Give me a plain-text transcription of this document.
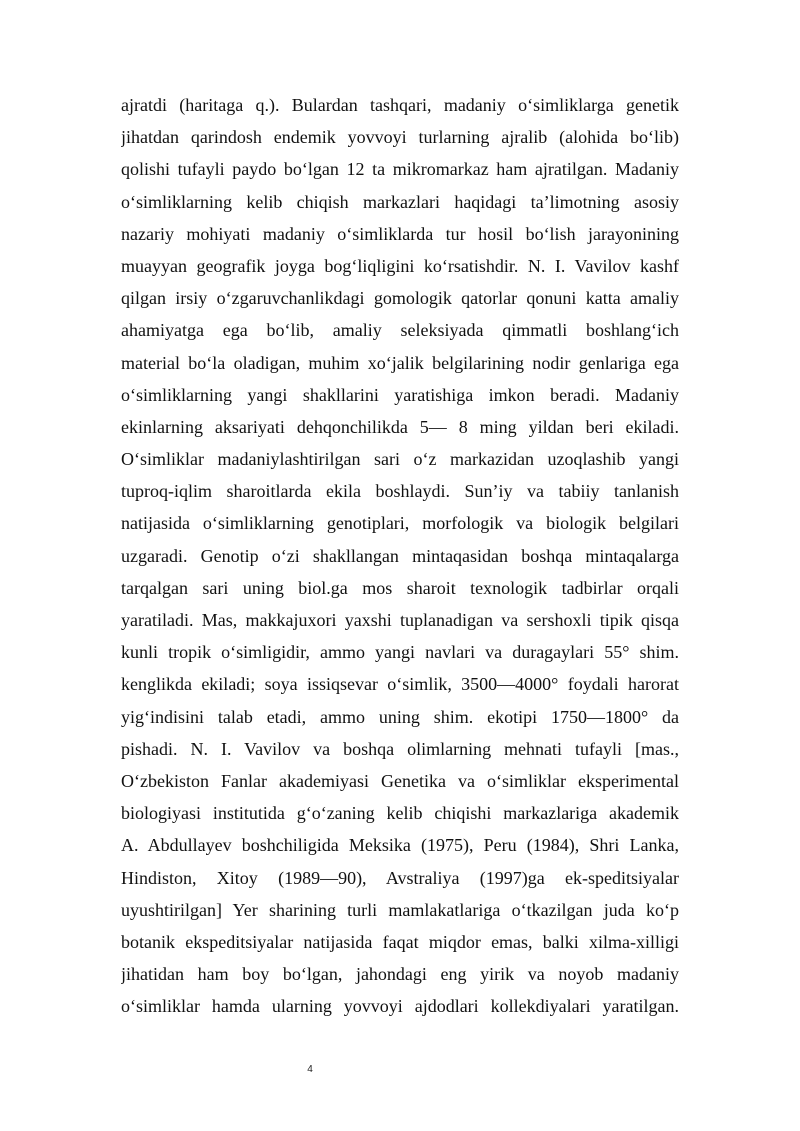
ajratdi (haritaga q.). Bulardan tashqari, madaniy o‘simliklarga genetik
jihatdan qarindosh endemik yovvoyi turlarning ajralib (alohida bo‘lib)
qolishi tufayli paydo bo‘lgan 12 ta mikromarkaz ham ajratilgan. Madaniy
o‘simliklarning kelib chiqish markazlari haqidagi ta’limotning asosiy
nazariy mohiyati madaniy o‘simliklarda tur hosil bo‘lish jarayonining
muayyan geografik joyga bog‘liqligini ko‘rsatishdir. N. I. Vavilov kashf
qilgan irsiy o‘zgaruvchanlikdagi gomologik qatorlar qonuni katta amaliy
ahamiyatga ega bo‘lib, amaliy seleksiyada qimmatli boshlang‘ich
material bo‘la oladigan, muhim xo‘jalik belgilarining nodir genlariga ega
o‘simliklarning yangi shakllarini yaratishiga imkon beradi. Madaniy
ekinlarning aksariyati dehqonchilikda 5— 8 ming yildan beri ekiladi.
O‘simliklar madaniylashtirilgan sari o‘z markazidan uzoqlashib yangi
tuproq-iqlim sharoitlarda ekila boshlaydi. Sun’iy va tabiiy tanlanish
natijasida o‘simliklarning genotiplari, morfologik va biologik belgilari
uzgaradi. Genotip o‘zi shakllangan mintaqasidan boshqa mintaqalarga
tarqalgan sari uning biol.ga mos sharoit texnologik tadbirlar orqali
yaratiladi. Mas, makkajuxori yaxshi tuplanadigan va sershoxli tipik qisqa
kunli tropik o‘simligidir, ammo yangi navlari va duragaylari 55° shim.
kenglikda ekiladi; soya issiqsevar o‘simlik, 3500—4000° foydali harorat
yig‘indisini talab etadi, ammo uning shim. ekotipi 1750—1800° da
pishadi. N. I. Vavilov va boshqa olimlarning mehnati tufayli [mas.,
O‘zbekiston Fanlar akademiyasi Genetika va o‘simliklar eksperimental
biologiyasi institutida g‘o‘zaning kelib chiqishi markazlariga akademik
A. Abdullayev boshchiligida Meksika (1975), Peru (1984), Shri Lanka,
Hindiston, Xitoy (1989—90), Avstraliya (1997)ga ek-speditsiyalar
uyushtirilgan] Yer sharining turli mamlakatlariga o‘tkazilgan juda ko‘p
botanik ekspeditsiyalar natijasida faqat miqdor emas, balki xilma-xilligi
jihatidan ham boy bo‘lgan, jahondagi eng yirik va noyob madaniy
o‘simliklar hamda ularning yovvoyi ajdodlari kollekdiyalari yaratilgan.
4
